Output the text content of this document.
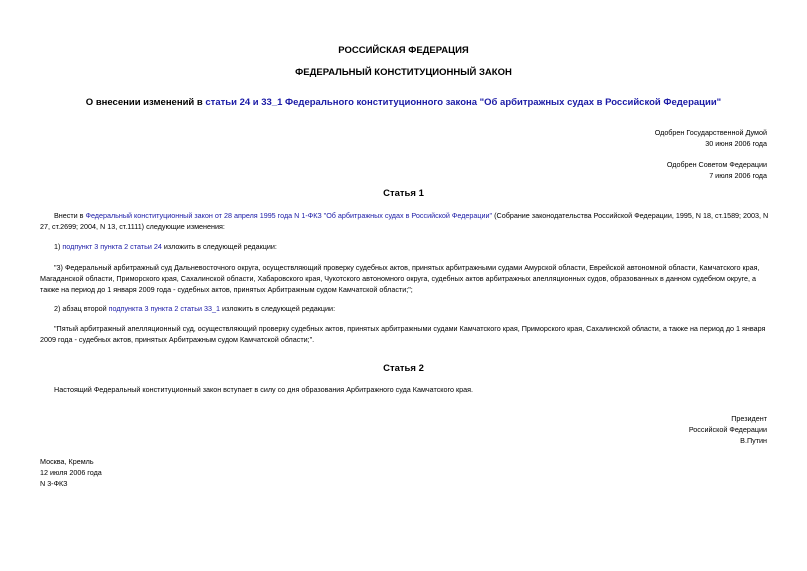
РОССИЙСКАЯ ФЕДЕРАЦИЯ
ФЕДЕРАЛЬНЫЙ КОНСТИТУЦИОННЫЙ ЗАКОН
О внесении изменений в статьи 24 и 33_1 Федерального конституционного закона "Об арбитражных судах в Российской Федерации"
Одобрен Государственной Думой
30 июня 2006 года
Одобрен Советом Федерации
7 июля 2006 года
Статья 1
Внести в Федеральный конституционный закон от 28 апреля 1995 года N 1-ФКЗ "Об арбитражных судах в Российской Федерации" (Собрание законодательства Российской Федерации, 1995, N 18, ст.1589; 2003, N 27, ст.2699; 2004, N 13, ст.1111) следующие изменения:
1) подпункт 3 пункта 2 статьи 24 изложить в следующей редакции:
"3) Федеральный арбитражный суд Дальневосточного округа, осуществляющий проверку судебных актов, принятых арбитражными судами Амурской области, Еврейской автономной области, Камчатского края, Магаданской области, Приморского края, Сахалинской области, Хабаровского края, Чукотского автономного округа, судебных актов арбитражных апелляционных судов, образованных в данном судебном округе, а также на период до 1 января 2009 года - судебных актов, принятых Арбитражным судом Камчатской области;";
2) абзац второй подпункта 3 пункта 2 статьи 33_1 изложить в следующей редакции:
"Пятый арбитражный апелляционный суд, осуществляющий проверку судебных актов, принятых арбитражными судами Камчатского края, Приморского края, Сахалинской области, а также на период до 1 января 2009 года - судебных актов, принятых Арбитражным судом Камчатской области;".
Статья 2
Настоящий Федеральный конституционный закон вступает в силу со дня образования Арбитражного суда Камчатского края.
Президент
Российской Федерации
В.Путин
Москва, Кремль
12 июля 2006 года
N 3-ФКЗ
